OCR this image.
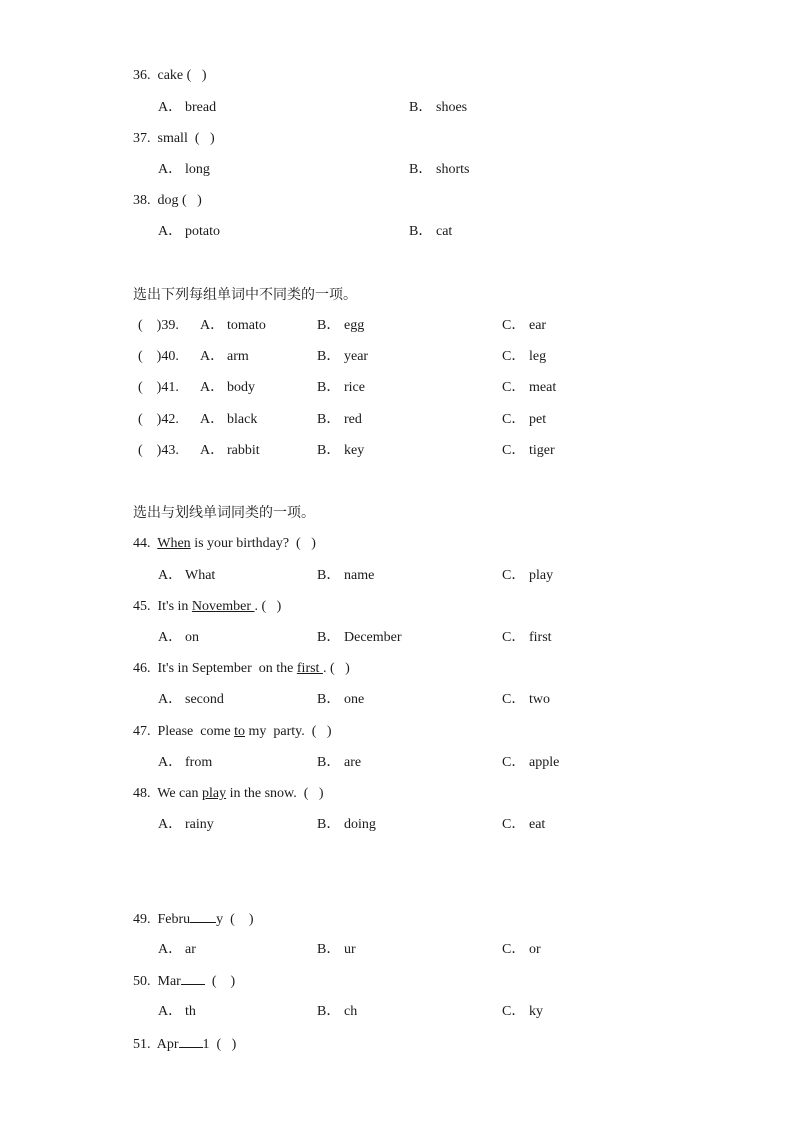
36. cake (   )
A． bread	B． shoes
37. small (   )
A． long	B． shorts
38. dog (   )
A． potato	B． cat
选出下列每组单词中不同类的一项。
(    )39. A． tomato	B． egg	C． ear
(    )40. A． arm	B． year	C． leg
(    )41. A． body	B． rice	C． meat
(    )42. A． black	B． red	C． pet
(    )43. A． rabbit	B． key	C． tiger
选出与划线单词同类的一项。
44. When is your birthday?  (   )
A． What	B． name	C． play
45. It's in November . (   )
A． on	B． December	C． first
46. It's in September  on the first . (   )
A． second	B． one	C． two
47. Please  come to my  party.  (   )
A． from	B． are	C． apple
48. We can play in the snow.  (   )
A． rainy	B． doing	C． eat
49. Febru y  (    )
A． ar	B． ur	C． or
50. Mar  (    )
A． th	B． ch	C． ky
51. Apr 1  (   )
